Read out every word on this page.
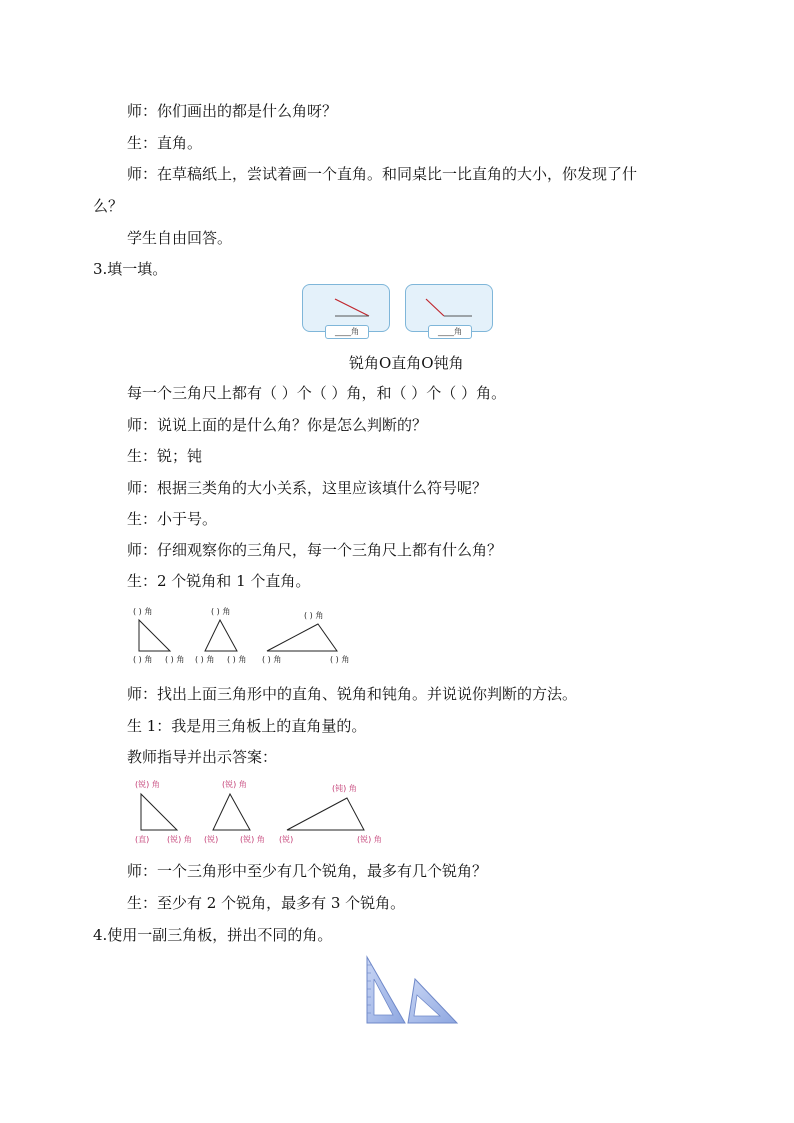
师：你们画出的都是什么角呀？
生：直角。
师：在草稿纸上，尝试着画一个直角。和同桌比一比直角的大小，你发现了什
么？
学生自由回答。
3.填一填。
____角	____角
锐角O直角O钝角
每一个三角尺上都有（ ）个（ ）角，和（ ）个（ ）角。
师：说说上面的是什么角？你是怎么判断的？
生：锐；钝
师：根据三类角的大小关系，这里应该填什么符号呢？
生：小于号。
师：仔细观察你的三角尺，每一个三角尺上都有什么角？
生：2 个锐角和 1 个直角。
( ) 角
( ) 角 ( ) 角
( ) 角
( ) 角 ( ) 角
( ) 角
( ) 角	( ) 角
师：找出上面三角形中的直角、锐角和钝角。并说说你判断的方法。
生 1：我是用三角板上的直角量的。
教师指导并出示答案：
(锐) 角
(直) (锐) 角
(锐) 角
(锐)	(锐) 角
(钝) 角
(锐)	(锐) 角
师：一个三角形中至少有几个锐角，最多有几个锐角？
生：至少有 2 个锐角，最多有 3 个锐角。
4.使用一副三角板，拼出不同的角。
